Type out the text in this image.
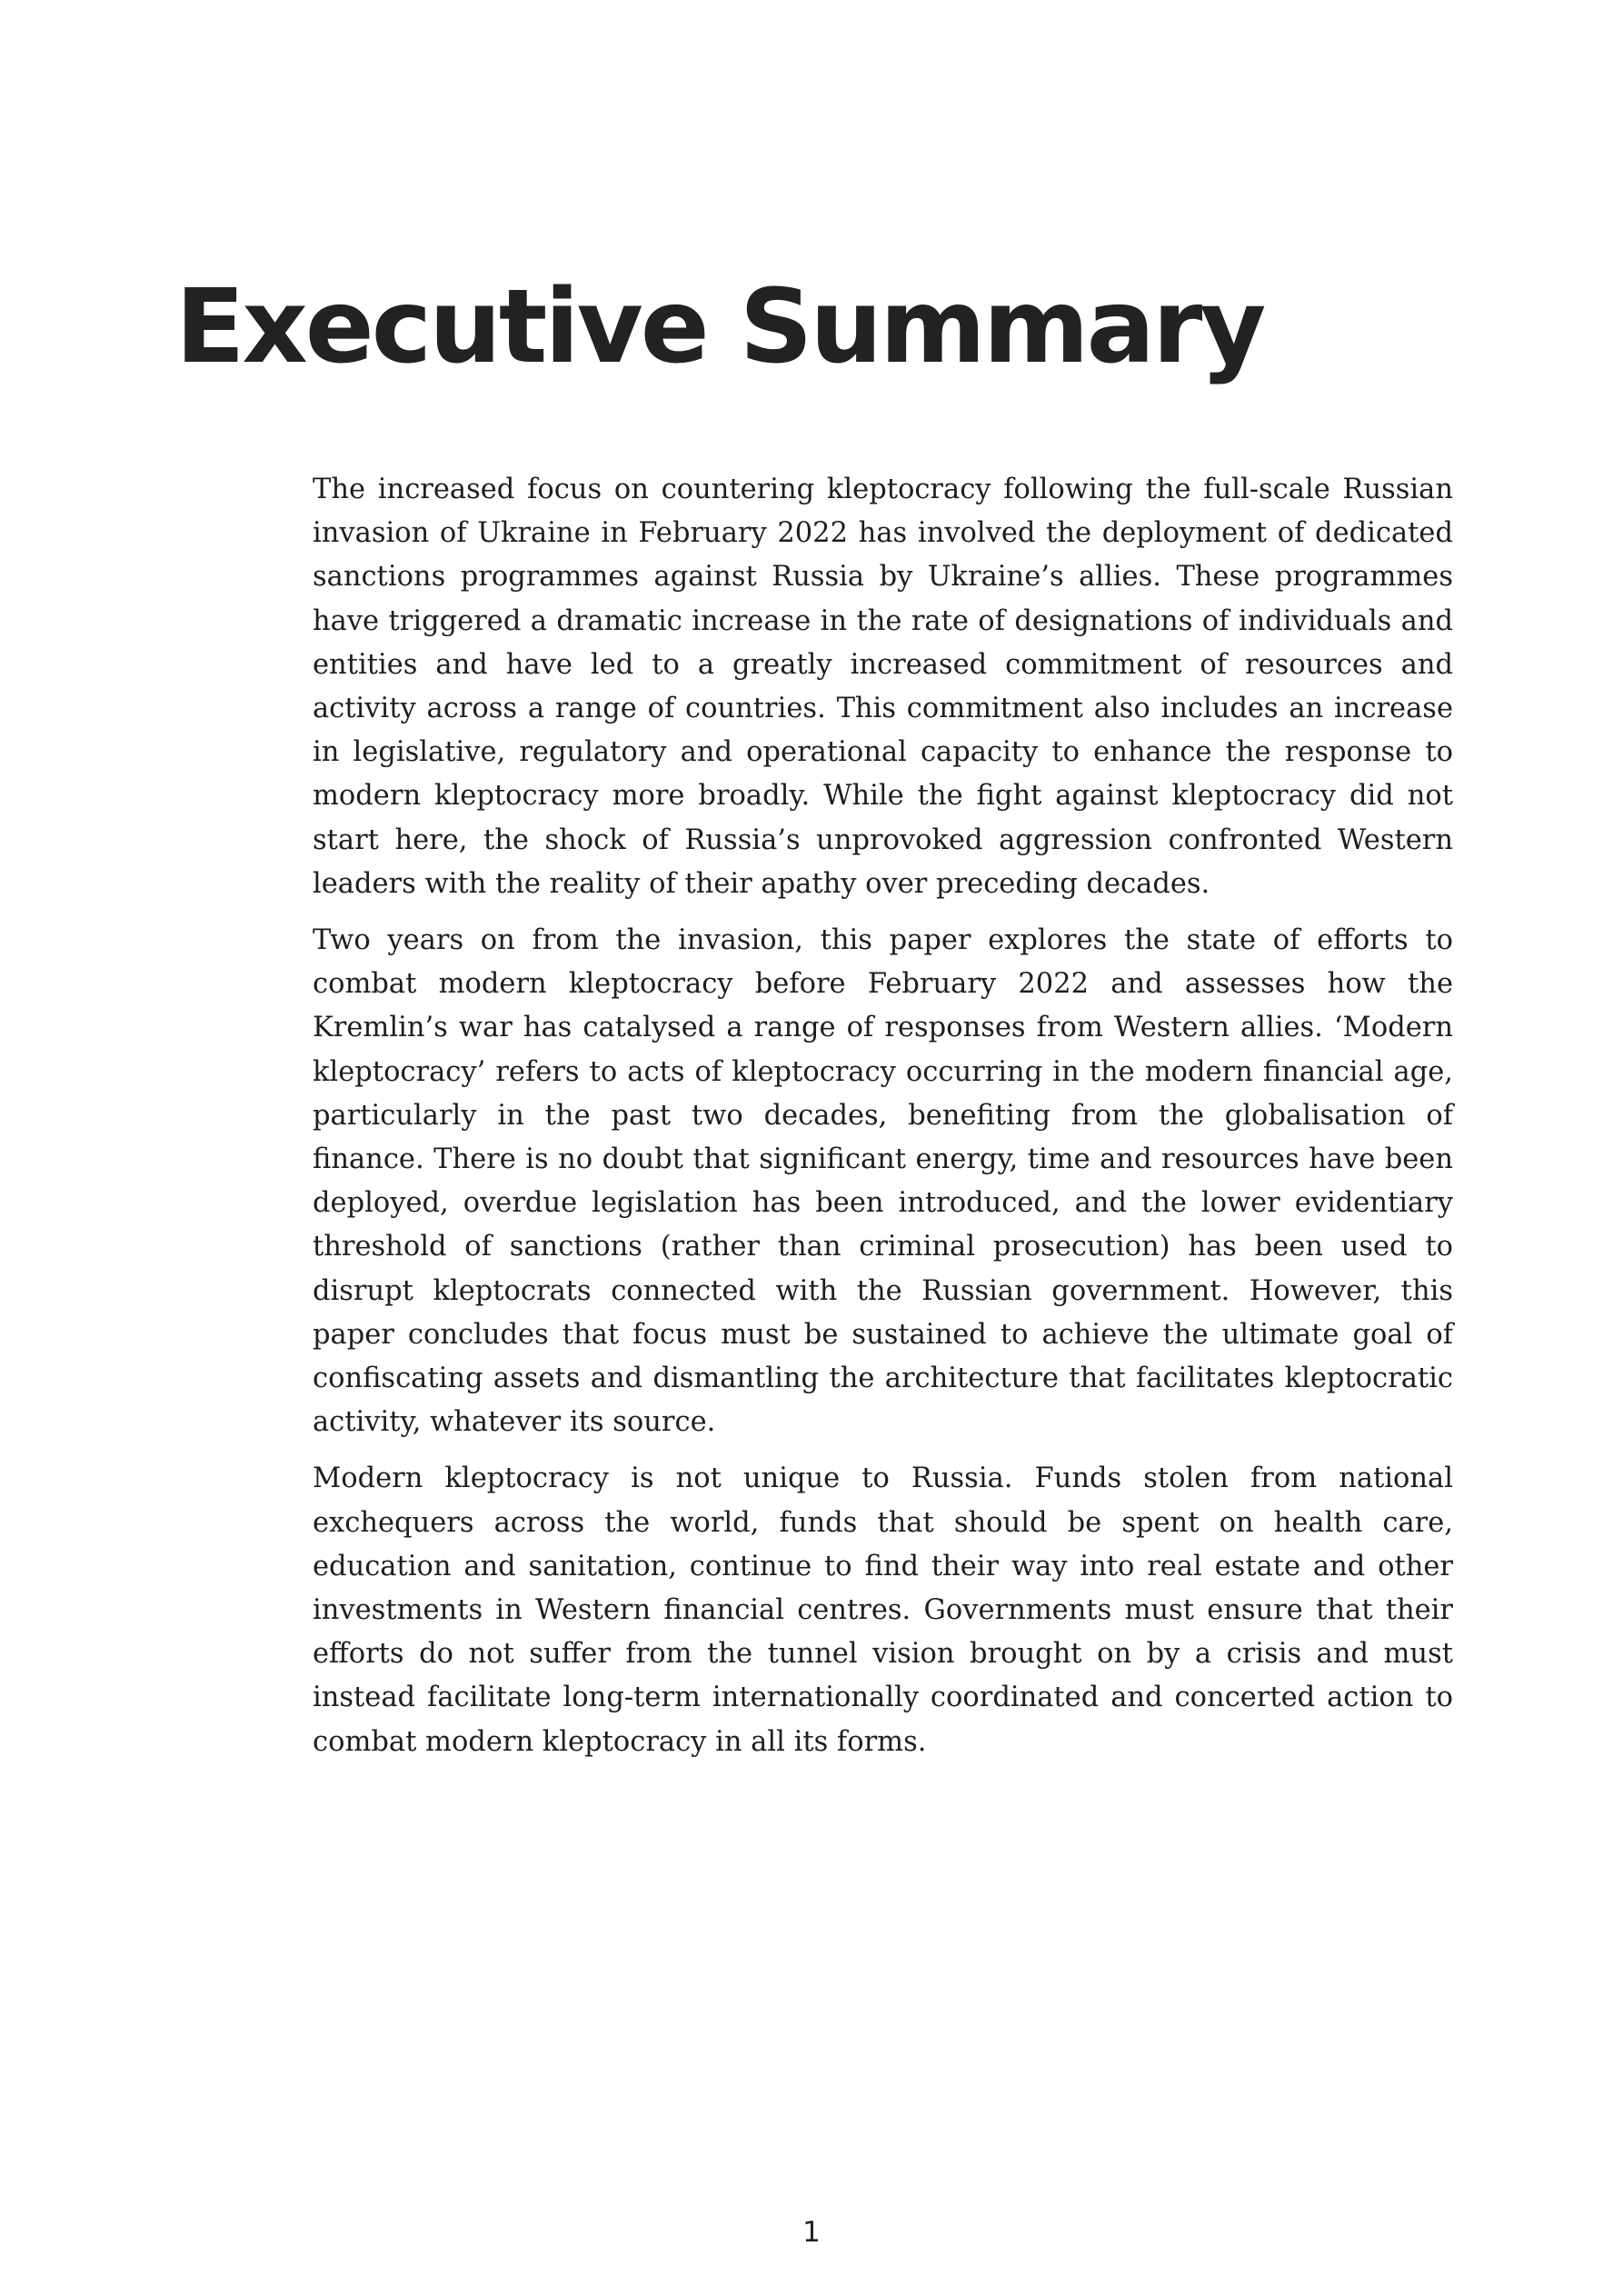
Executive Summary

The increased focus on countering kleptocracy following the full-scale Russian invasion of Ukraine in February 2022 has involved the deployment of dedicated sanctions programmes against Russia by Ukraine’s allies. These programmes have triggered a dramatic increase in the rate of designations of individuals and entities and have led to a greatly increased commitment of resources and activity across a range of countries. This commitment also includes an increase in legislative, regulatory and operational capacity to enhance the response to modern kleptocracy more broadly. While the fight against kleptocracy did not start here, the shock of Russia’s unprovoked aggression confronted Western leaders with the reality of their apathy over preceding decades.

Two years on from the invasion, this paper explores the state of efforts to combat modern kleptocracy before February 2022 and assesses how the Kremlin’s war has catalysed a range of responses from Western allies. ‘Modern kleptocracy’ refers to acts of kleptocracy occurring in the modern financial age, particularly in the past two decades, benefiting from the globalisation of finance. There is no doubt that significant energy, time and resources have been deployed, overdue legislation has been introduced, and the lower evidentiary threshold of sanctions (rather than criminal prosecution) has been used to disrupt kleptocrats connected with the Russian government. However, this paper concludes that focus must be sustained to achieve the ultimate goal of confiscating assets and dismantling the architecture that facilitates kleptocratic activity, whatever its source.

Modern kleptocracy is not unique to Russia. Funds stolen from national exchequers across the world, funds that should be spent on health care, education and sanitation, continue to find their way into real estate and other investments in Western financial centres. Governments must ensure that their efforts do not suffer from the tunnel vision brought on by a crisis and must instead facilitate long-term internationally coordinated and concerted action to combat modern kleptocracy in all its forms.

1
